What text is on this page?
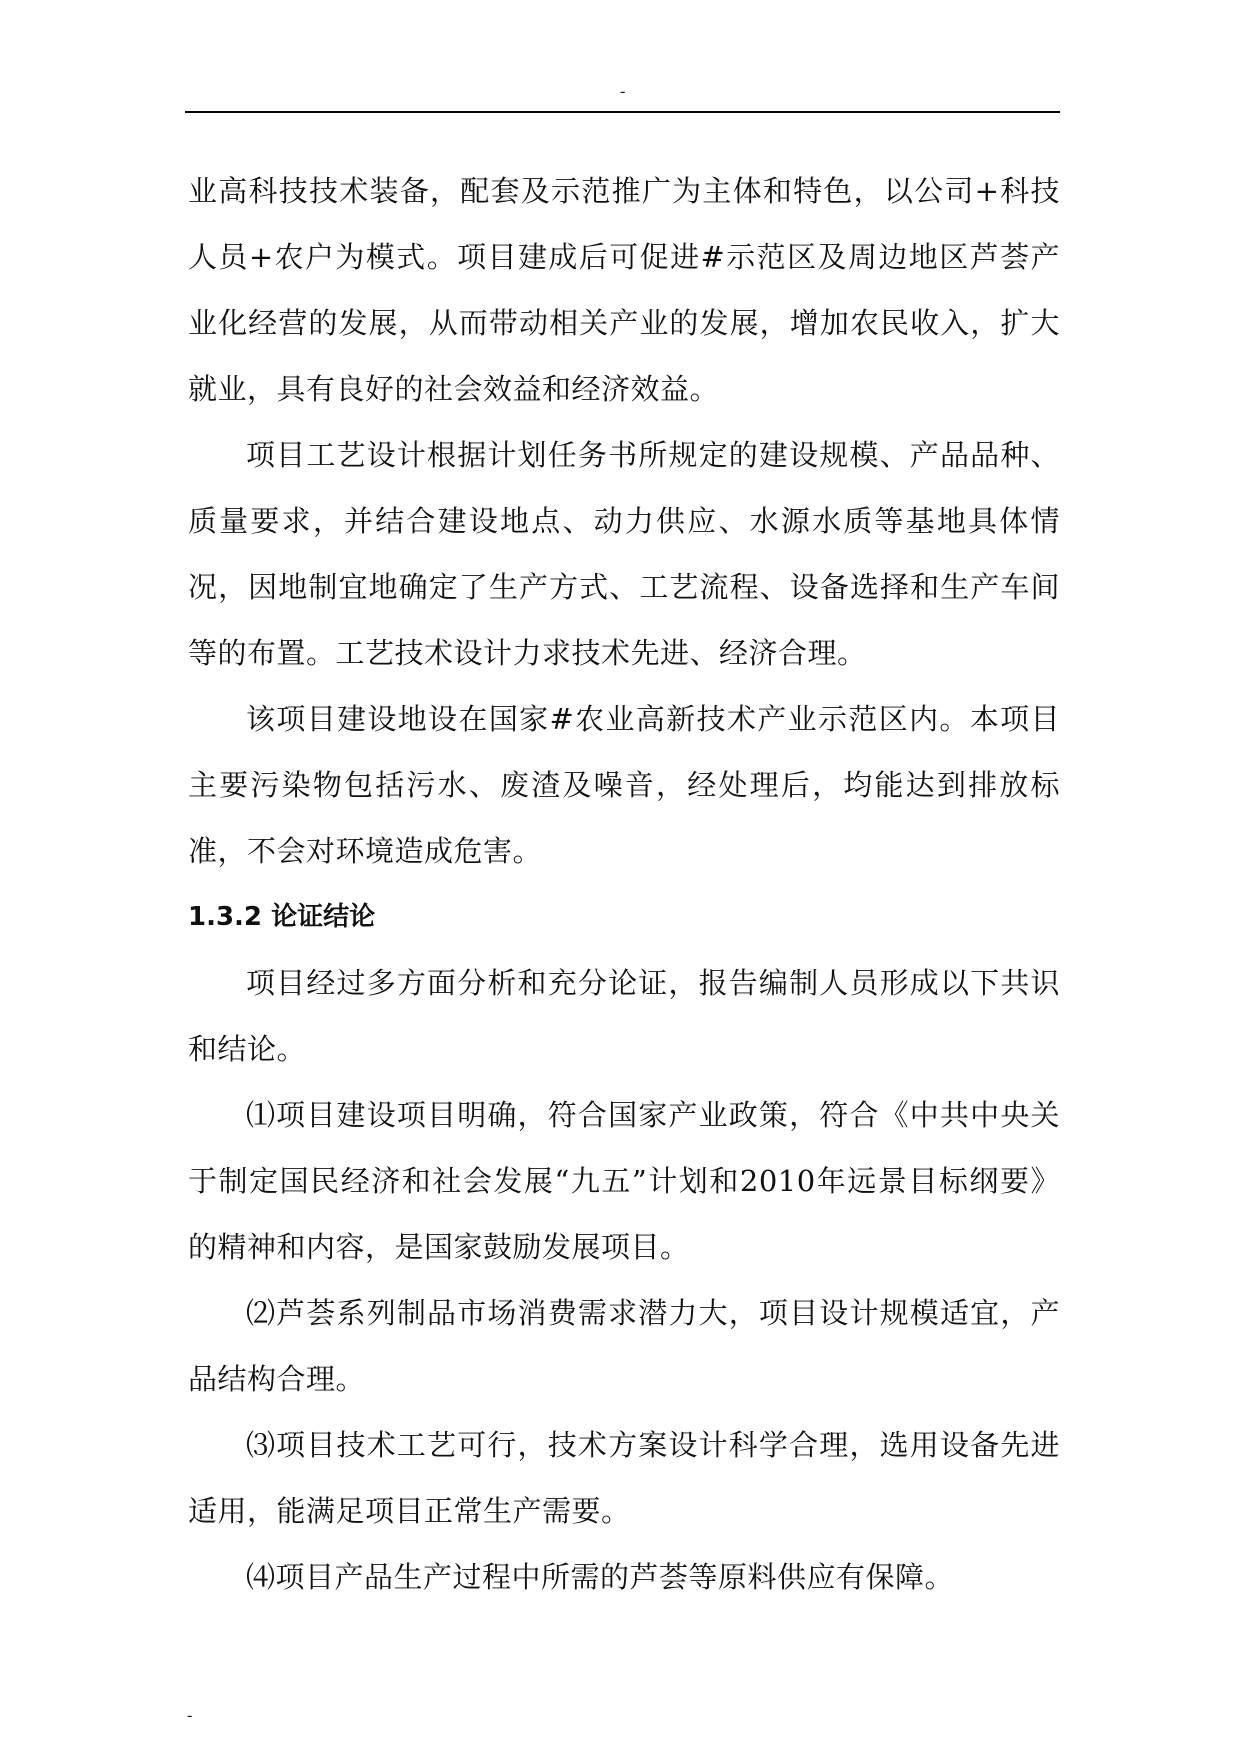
-

业高科技技术装备，配套及示范推广为主体和特色，以公司+科技人员+农户为模式。项目建成后可促进#示范区及周边地区芦荟产业化经营的发展，从而带动相关产业的发展，增加农民收入，扩大就业，具有良好的社会效益和经济效益。

项目工艺设计根据计划任务书所规定的建设规模、产品品种、质量要求，并结合建设地点、动力供应、水源水质等基地具体情况，因地制宜地确定了生产方式、工艺流程、设备选择和生产车间等的布置。工艺技术设计力求技术先进、经济合理。

该项目建设地设在国家#农业高新技术产业示范区内。本项目主要污染物包括污水、废渣及噪音，经处理后，均能达到排放标准，不会对环境造成危害。

1.3.2 论证结论

项目经过多方面分析和充分论证，报告编制人员形成以下共识和结论。

⑴项目建设项目明确，符合国家产业政策，符合《中共中央关于制定国民经济和社会发展“九五”计划和2010年远景目标纲要》的精神和内容，是国家鼓励发展项目。

⑵芦荟系列制品市场消费需求潜力大，项目设计规模适宜，产品结构合理。

⑶项目技术工艺可行，技术方案设计科学合理，选用设备先进适用，能满足项目正常生产需要。

⑷项目产品生产过程中所需的芦荟等原料供应有保障。

-
